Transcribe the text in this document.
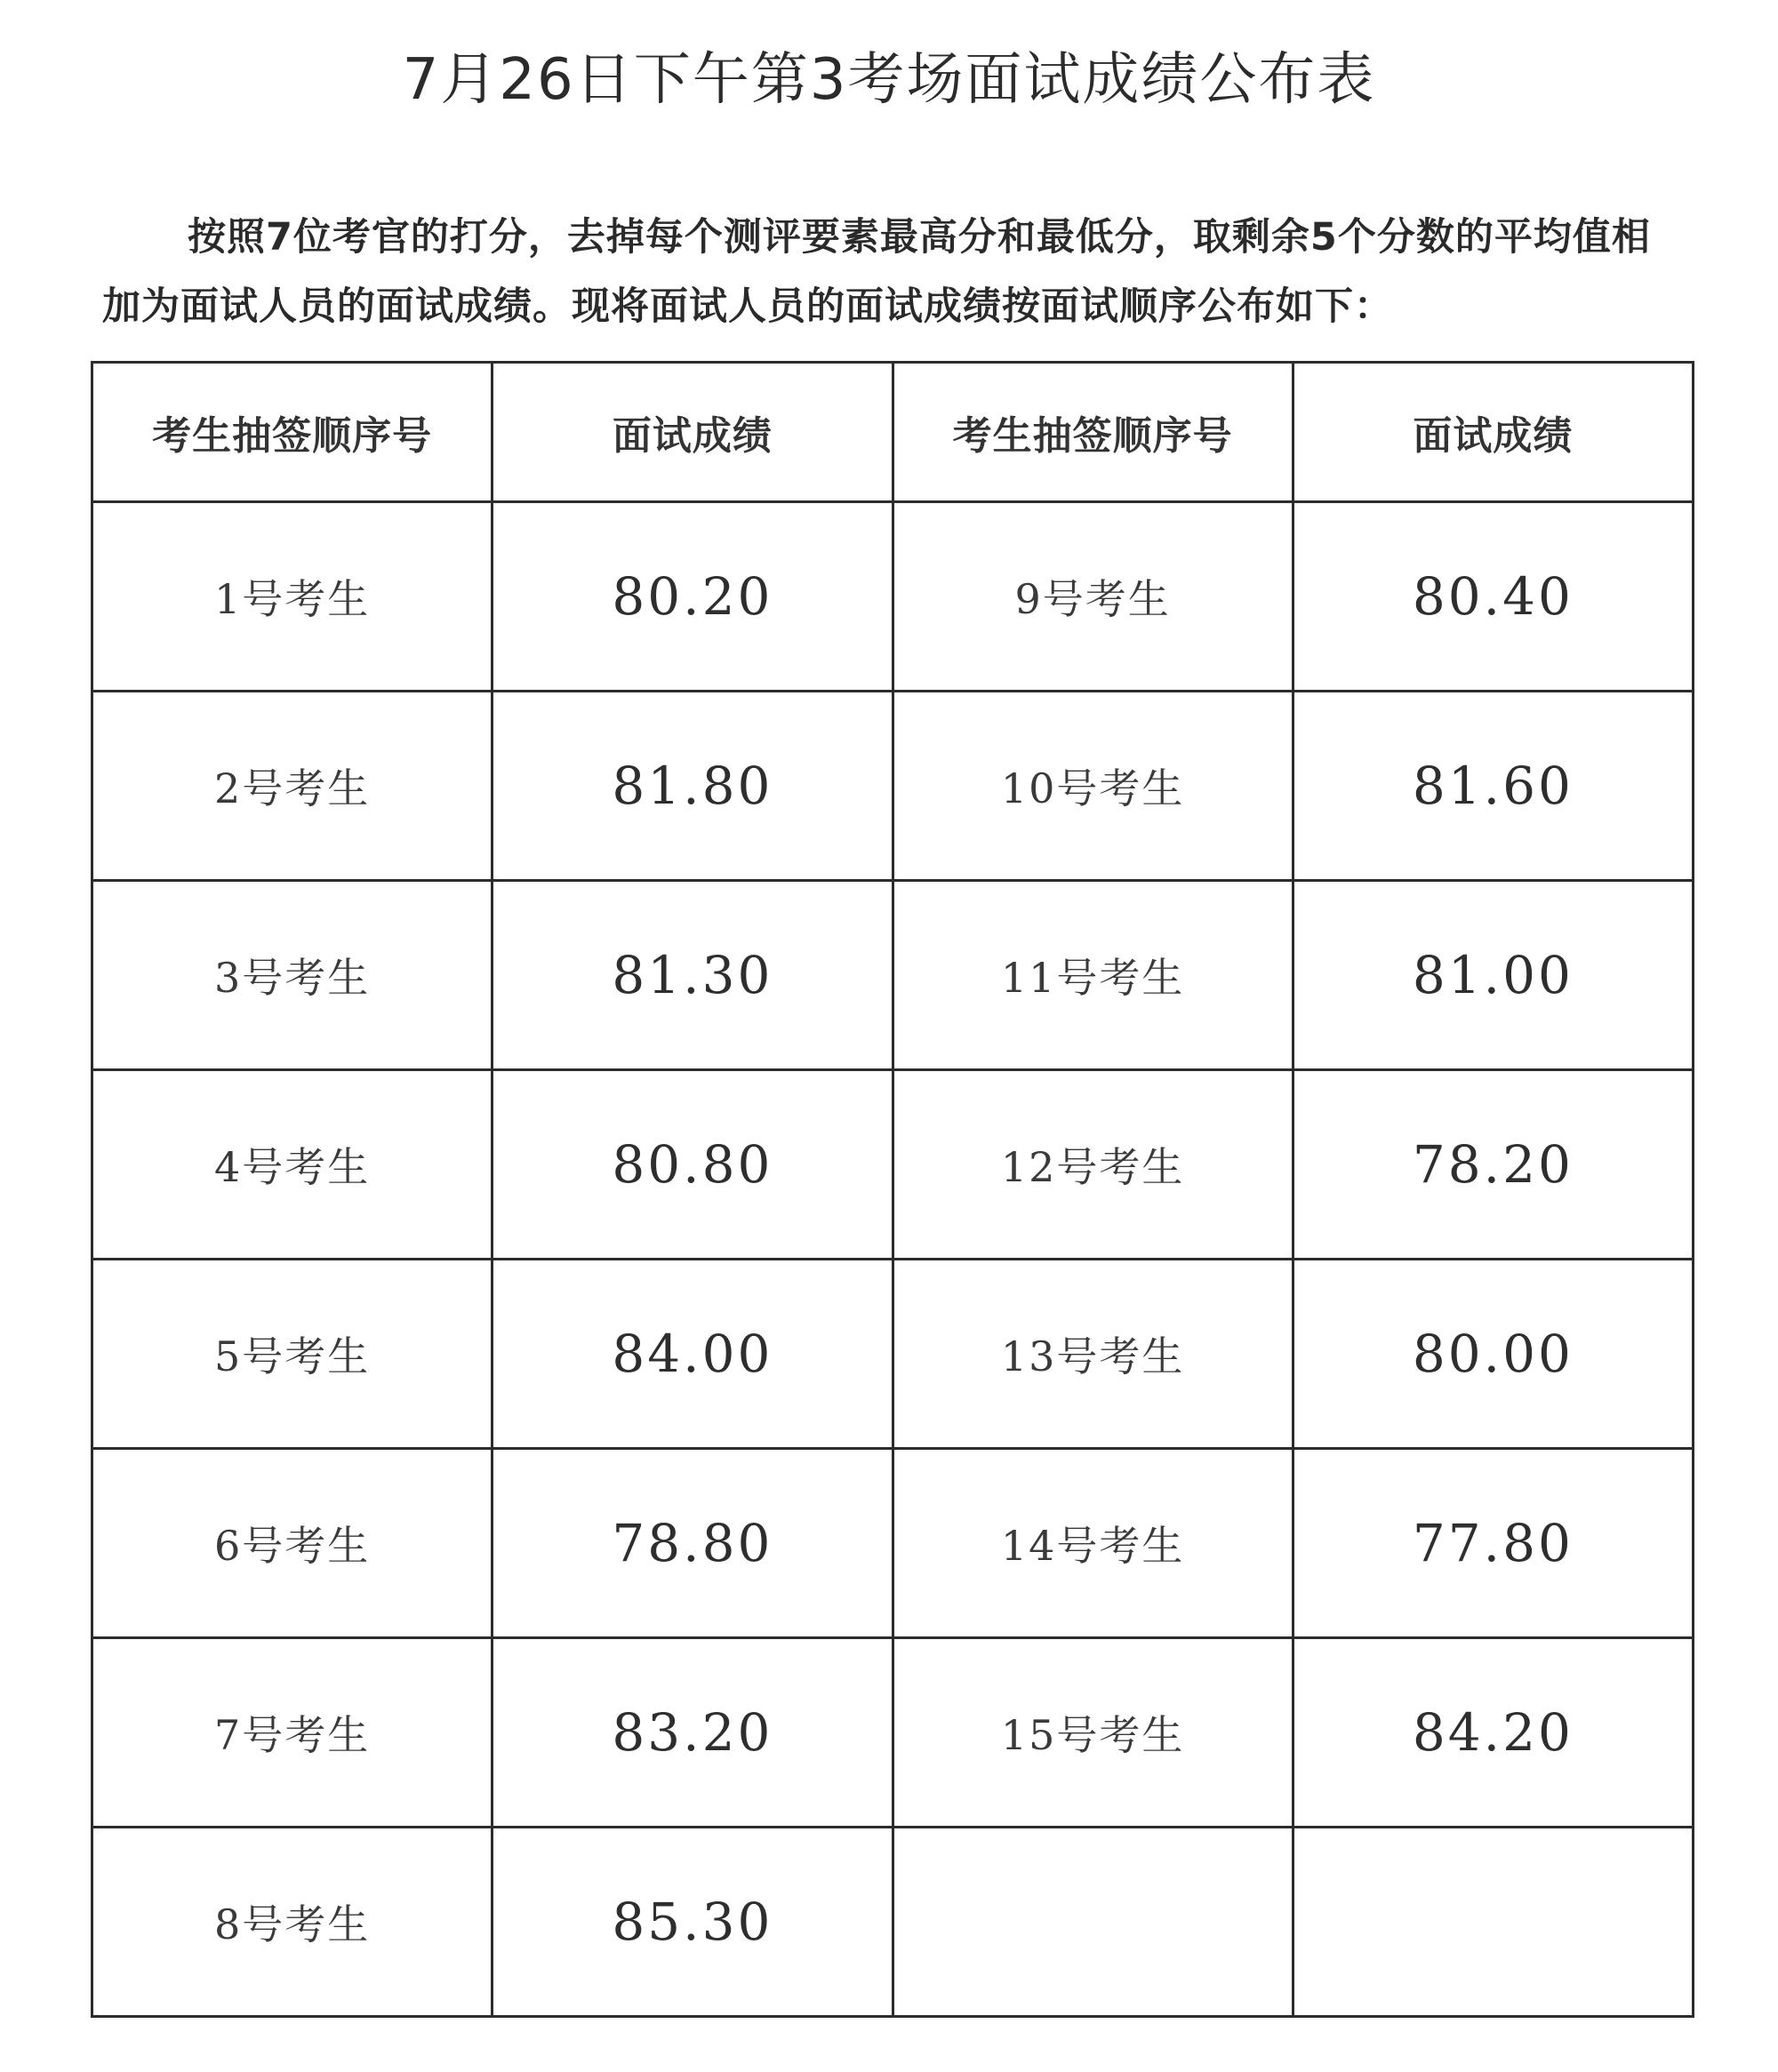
7月26日下午第3考场面试成绩公布表
按照7位考官的打分，去掉每个测评要素最高分和最低分，取剩余5个分数的平均值相加为面试人员的面试成绩。现将面试人员的面试成绩按面试顺序公布如下：
考生抽签顺序号	面试成绩	考生抽签顺序号	面试成绩
1号考生	80.20	9号考生	80.40
2号考生	81.80	10号考生	81.60
3号考生	81.30	11号考生	81.00
4号考生	80.80	12号考生	78.20
5号考生	84.00	13号考生	80.00
6号考生	78.80	14号考生	77.80
7号考生	83.20	15号考生	84.20
8号考生	85.30		
